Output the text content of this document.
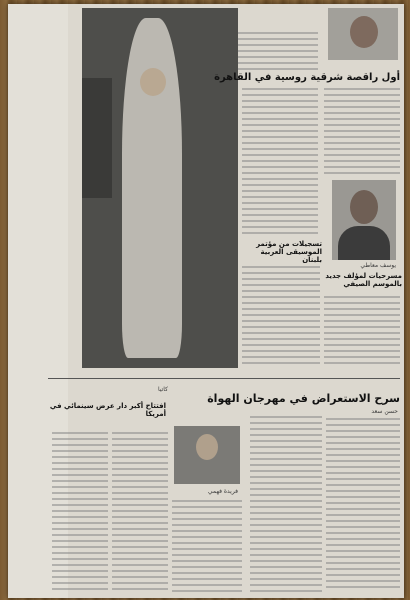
كاتيا
أول راقصة شرقية روسية في القاهرة
يوسف معاطي
مسرحيات لمؤلف جديد بالموسم الصيفي
تسجيلات من مؤتمر الموسيقى العربية بلبنان
سرح الاستعراض في مهرجان الهواة
حسن سعد
افتتاح أكبر دار عرض سينمائي في أمريكا
فريدة فهمي
